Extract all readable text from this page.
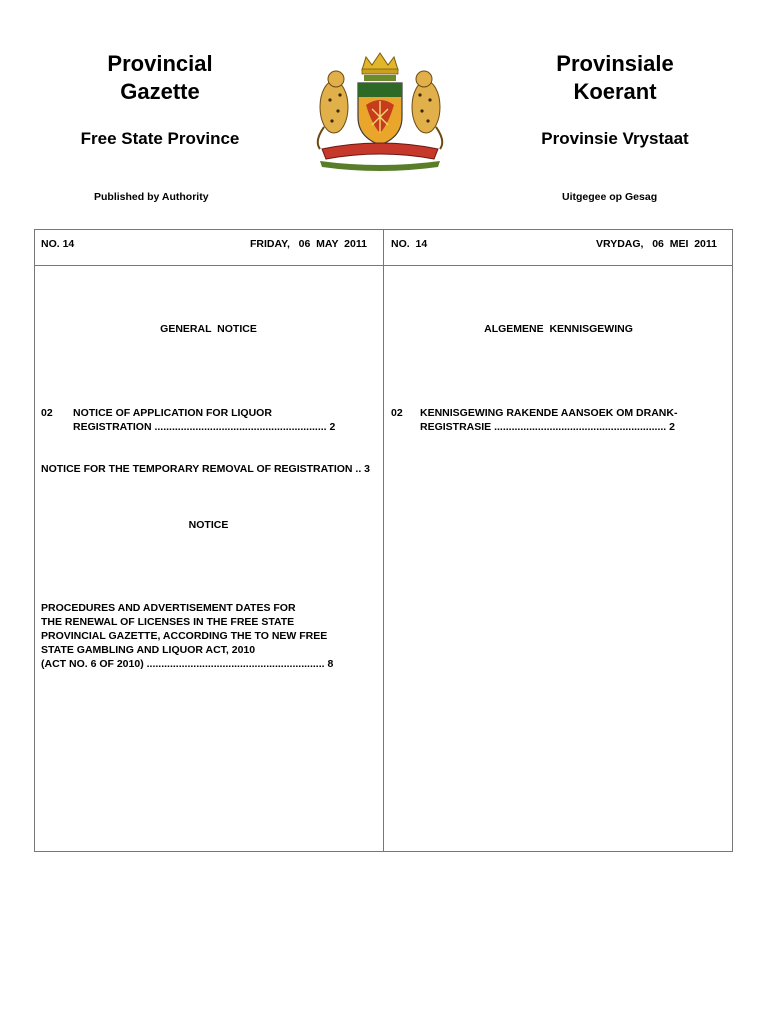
Provincial
Gazette
Provinsiale
Koerant
Free State Province	Provinsie Vrystaat
Published by Authority	Uitgegee op Gesag
NO. 14	FRIDAY,   06  MAY  2011 NO.  14	VRYDAG,   06  MEI  2011
GENERAL  NOTICE
02 NOTICE OF APPLICATION FOR LIQUOR
REGISTRATION ........................................................... 2
NOTICE FOR THE TEMPORARY REMOVAL OF REGISTRATION .. 3
NOTICE
PROCEDURES AND ADVERTISEMENT DATES FOR
THE RENEWAL OF LICENSES IN THE FREE STATE
PROVINCIAL GAZETTE, ACCORDING THE TO NEW FREE
STATE GAMBLING AND LIQUOR ACT, 2010
(ACT NO. 6 OF 2010) ............................................................. 8
ALGEMENE  KENNISGEWING
02 KENNISGEWING RAKENDE AANSOEK OM DRANK-
REGISTRASIE ........................................................... 2
